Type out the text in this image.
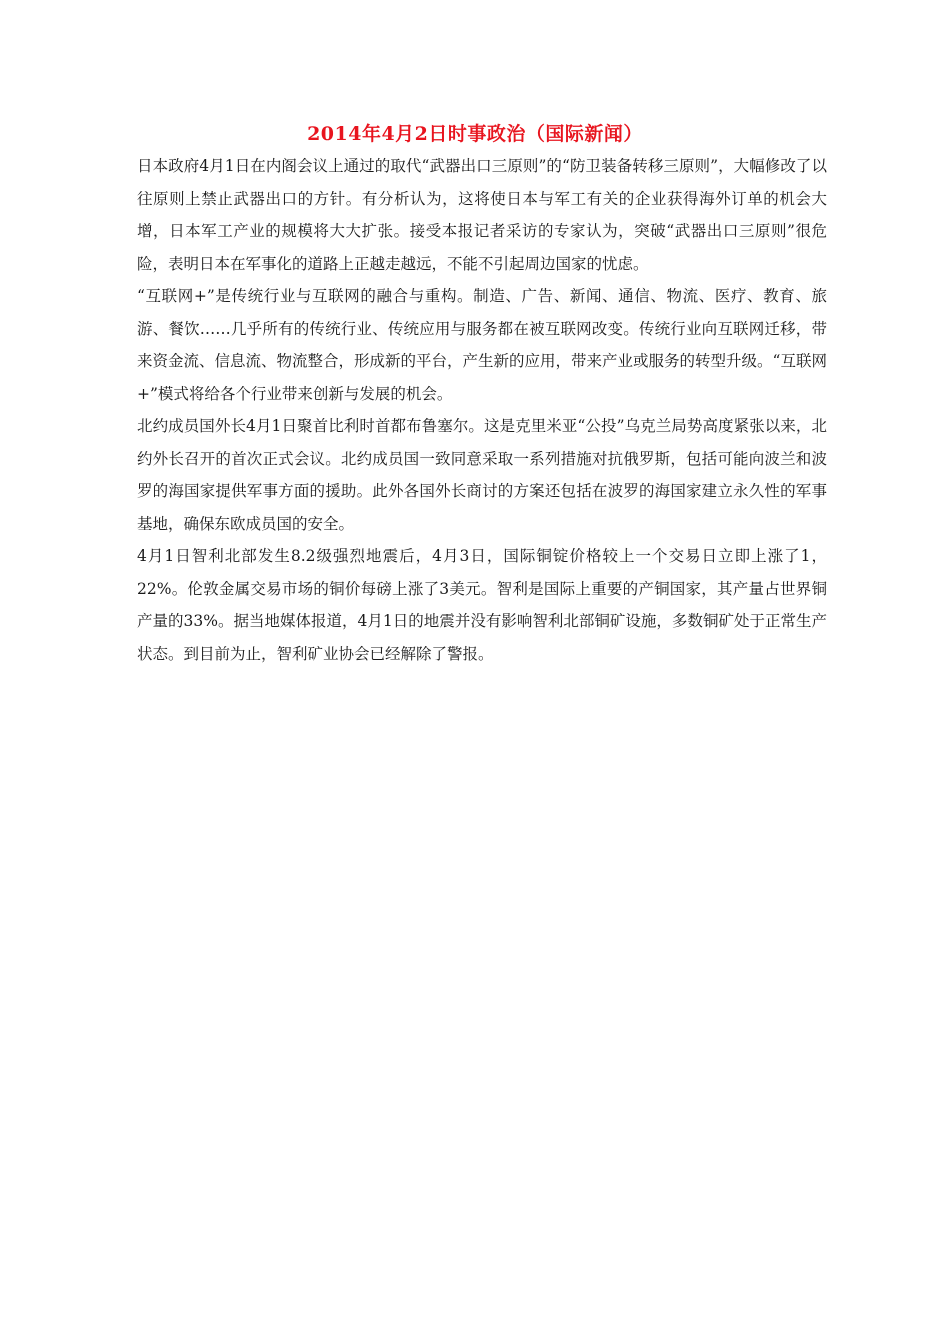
2014年4月2日时事政治（国际新闻）

日本政府4月1日在内阁会议上通过的取代“武器出口三原则”的“防卫装备转移三原则”，大幅修改了以往原则上禁止武器出口的方针。有分析认为，这将使日本与军工有关的企业获得海外订单的机会大增，日本军工产业的规模将大大扩张。接受本报记者采访的专家认为，突破“武器出口三原则”很危险，表明日本在军事化的道路上正越走越远，不能不引起周边国家的忧虑。

“互联网+”是传统行业与互联网的融合与重构。制造、广告、新闻、通信、物流、医疗、教育、旅游、餐饮……几乎所有的传统行业、传统应用与服务都在被互联网改变。传统行业向互联网迁移，带来资金流、信息流、物流整合，形成新的平台，产生新的应用，带来产业或服务的转型升级。“互联网+”模式将给各个行业带来创新与发展的机会。

北约成员国外长4月1日聚首比利时首都布鲁塞尔。这是克里米亚“公投”乌克兰局势高度紧张以来，北约外长召开的首次正式会议。北约成员国一致同意采取一系列措施对抗俄罗斯，包括可能向波兰和波罗的海国家提供军事方面的援助。此外各国外长商讨的方案还包括在波罗的海国家建立永久性的军事基地，确保东欧成员国的安全。

4月1日智利北部发生8.2级强烈地震后，4月3日，国际铜锭价格较上一个交易日立即上涨了1，22%。伦敦金属交易市场的铜价每磅上涨了3美元。智利是国际上重要的产铜国家，其产量占世界铜产量的33%。据当地媒体报道，4月1日的地震并没有影响智利北部铜矿设施，多数铜矿处于正常生产状态。到目前为止，智利矿业协会已经解除了警报。
